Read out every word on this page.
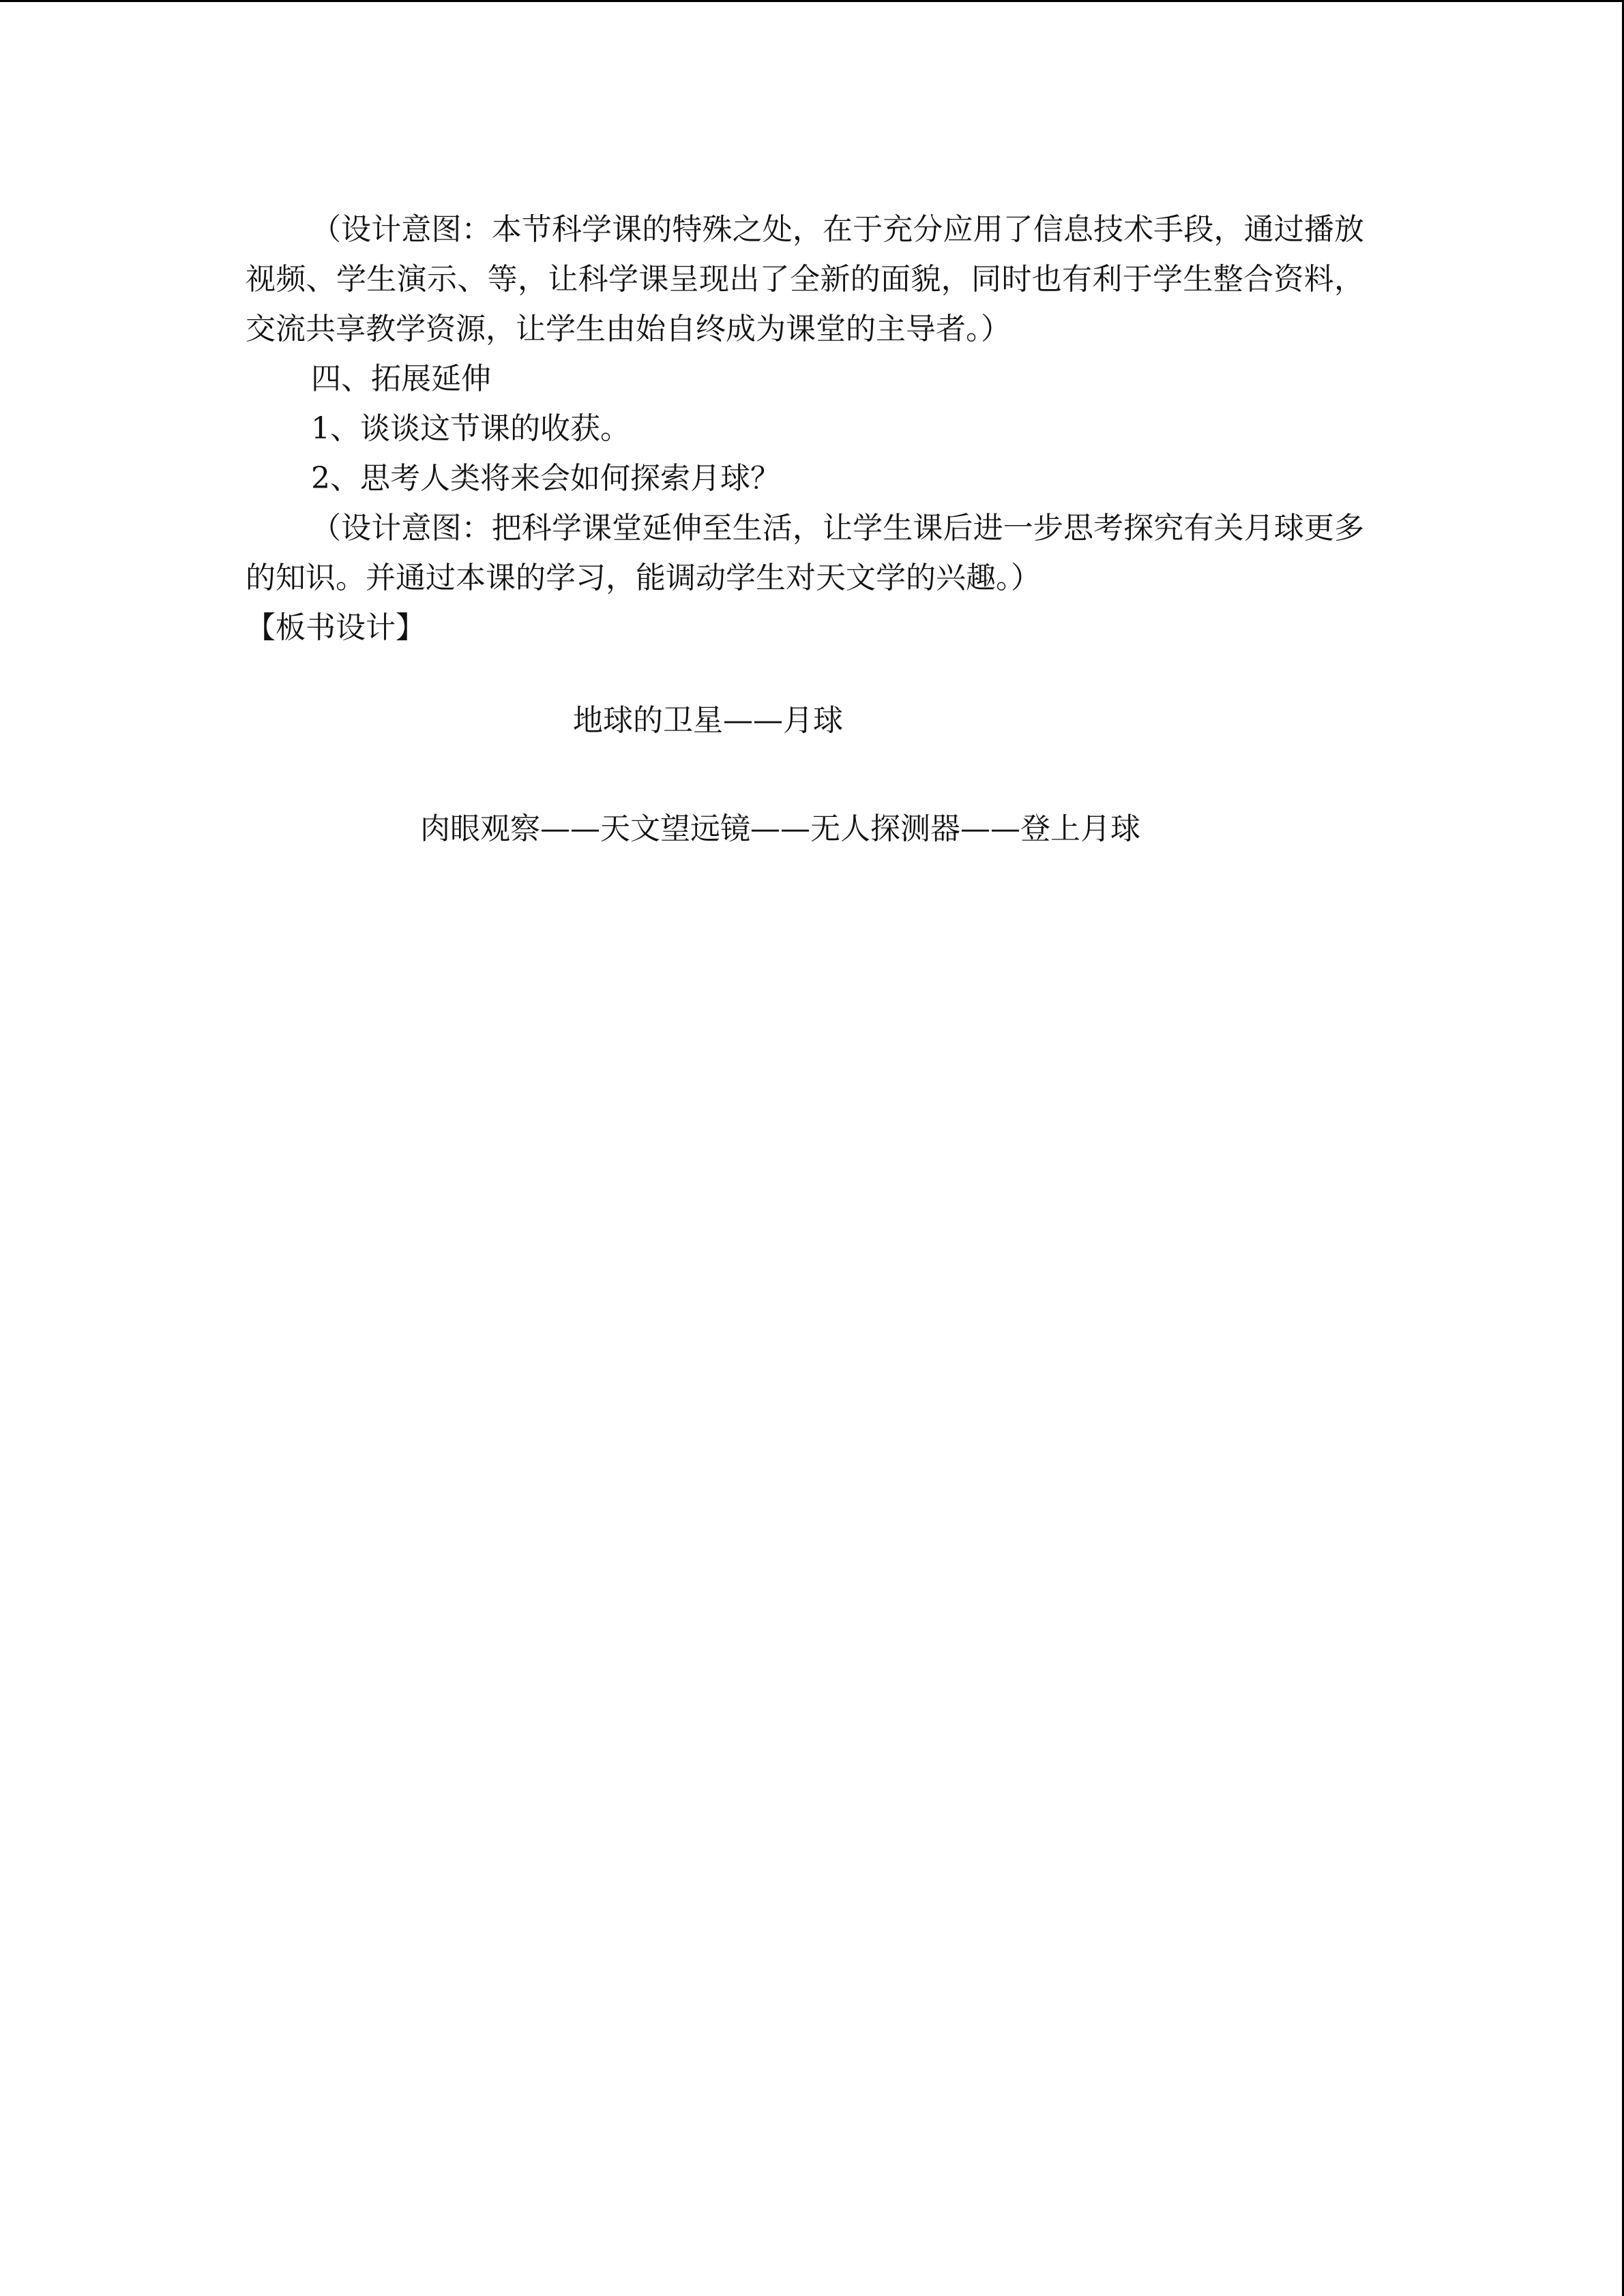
（设计意图：本节科学课的特殊之处，在于充分应用了信息技术手段，通过播放视频、学生演示、等，让科学课呈现出了全新的面貌，同时也有利于学生整合资料，交流共享教学资源，让学生由始自终成为课堂的主导者。）

四、拓展延伸

1、谈谈这节课的收获。

2、思考人类将来会如何探索月球？

（设计意图：把科学课堂延伸至生活，让学生课后进一步思考探究有关月球更多的知识。并通过本课的学习，能调动学生对天文学的兴趣。）

【板书设计】

地球的卫星——月球
肉眼观察——天文望远镜——无人探测器——登上月球
